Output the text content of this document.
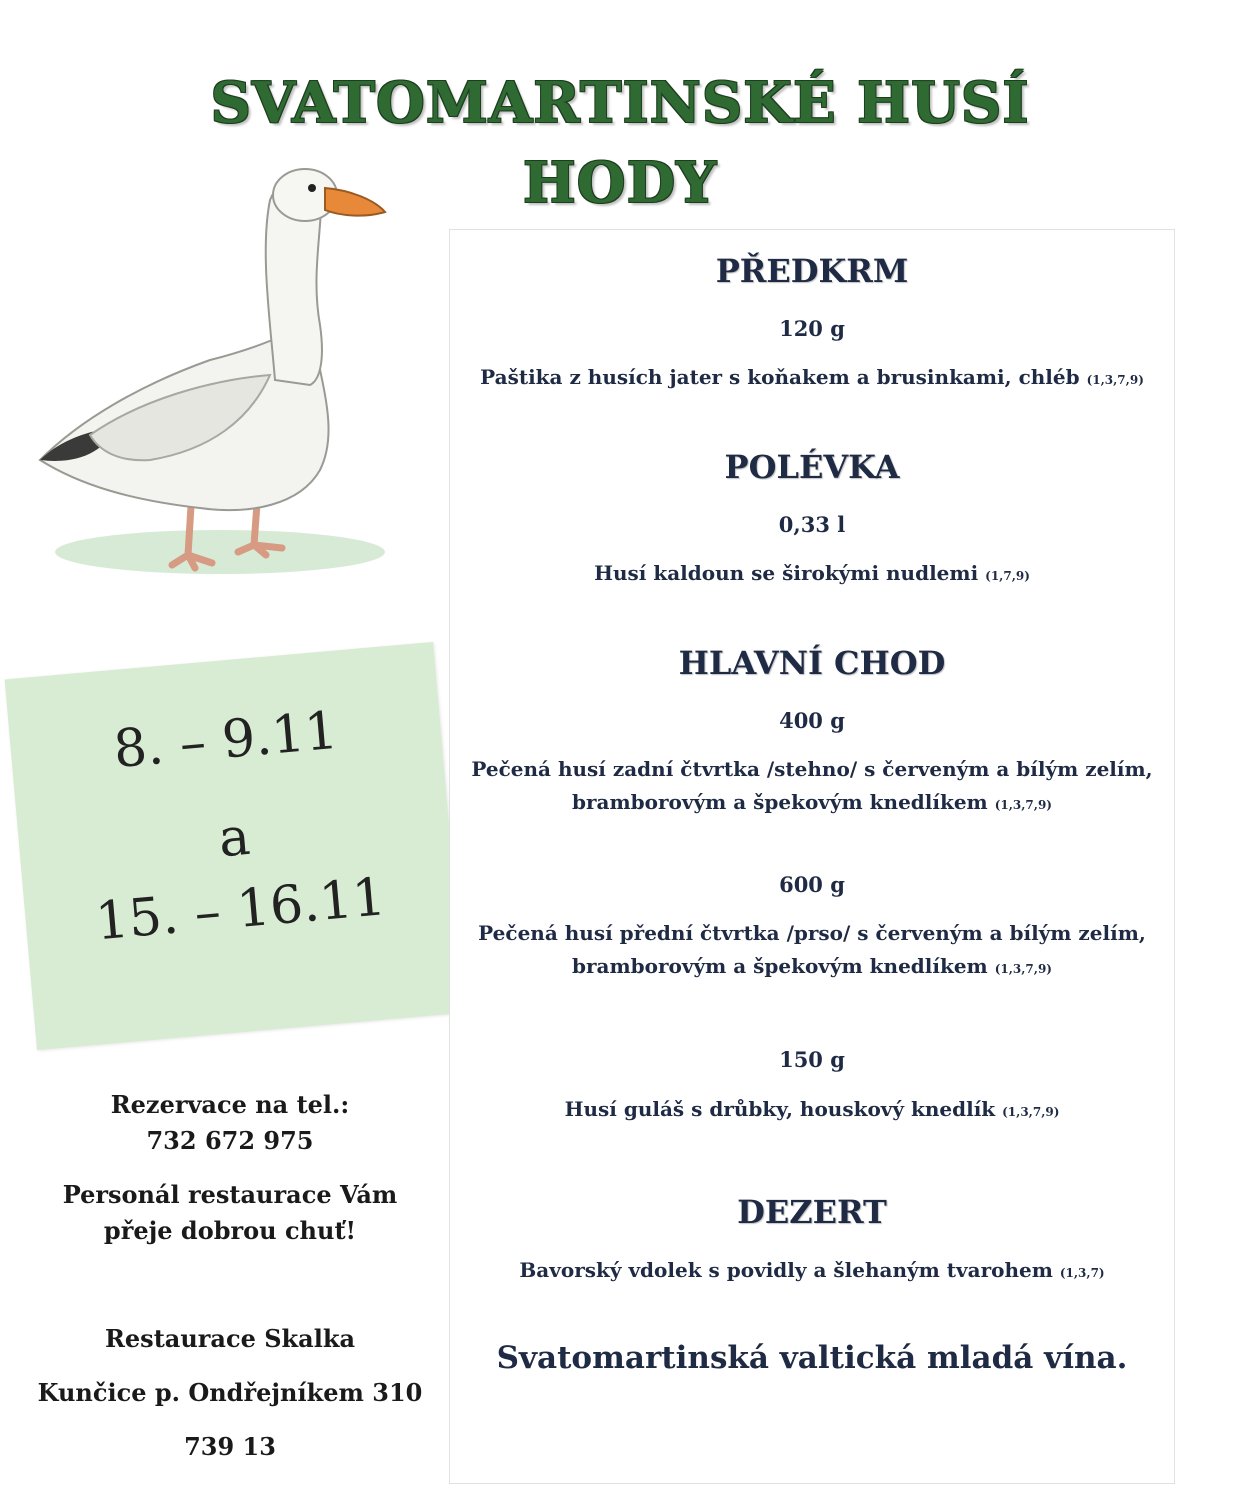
SVATOMARTINSKÉ HUSÍ
HODY
8. – 9.11
a
15. – 16.11
PŘEDKRM
120 g
Paštika z husích jater s koňakem a brusinkami, chléb (1,3,7,9)
POLÉVKA
0,33 l
Husí kaldoun se širokými nudlemi (1,7,9)
HLAVNÍ CHOD
400 g
Pečená husí zadní čtvrtka /stehno/ s červeným a bílým zelím,
bramborovým a špekovým knedlíkem (1,3,7,9)
600 g
Pečená husí přední čtvrtka /prso/ s červeným a bílým zelím,
bramborovým a špekovým knedlíkem (1,3,7,9)
150 g
Husí guláš s drůbky, houskový knedlík (1,3,7,9)
DEZERT
Bavorský vdolek s povidly a šlehaným tvarohem (1,3,7)
Svatomartinská valtická mladá vína.
Rezervace na tel.:
732 672 975
Personál restaurace Vám
přeje dobrou chuť!
Restaurace Skalka
Kunčice p. Ondřejníkem 310
739 13
